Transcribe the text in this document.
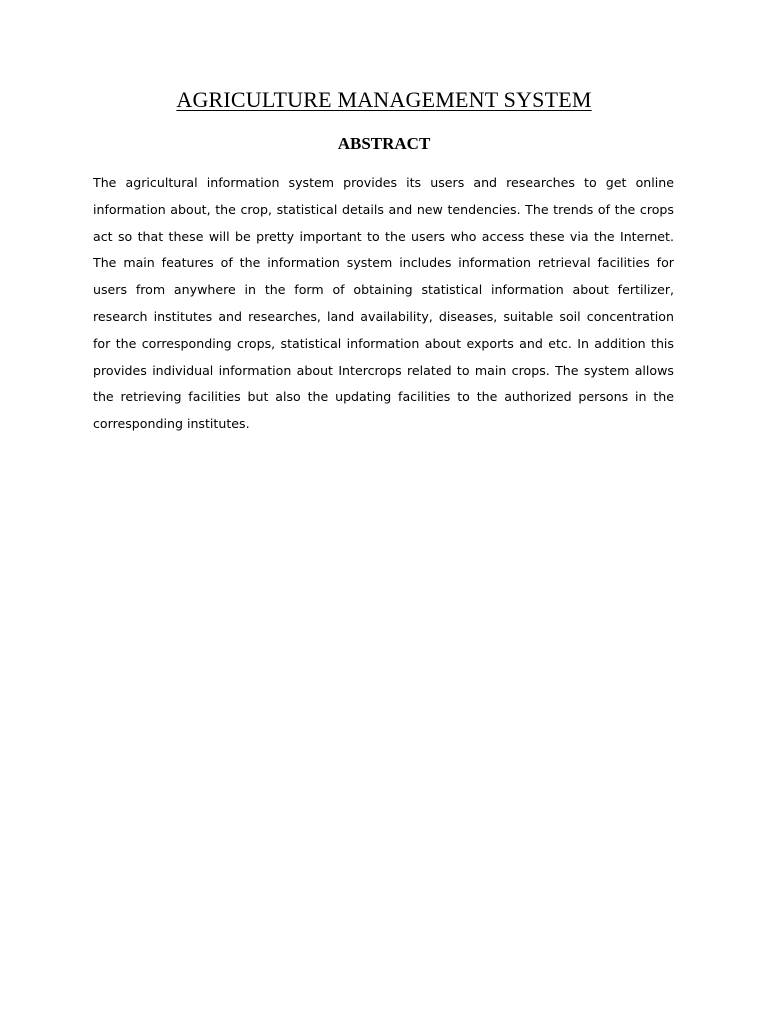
AGRICULTURE MANAGEMENT SYSTEM
ABSTRACT

The agricultural information system provides its users and researches to get online information about, the crop, statistical details and new tendencies. The trends of the crops act so that these will be pretty important to the users who access these via the Internet. The main features of the information system includes information retrieval facilities for users from anywhere in the form of obtaining statistical information about fertilizer, research institutes and researches, land availability, diseases, suitable soil concentration for the corresponding crops, statistical information about exports and etc. In addition this provides individual information about Intercrops related to main crops. The system allows the retrieving facilities but also the updating facilities to the authorized persons in the corresponding institutes.
